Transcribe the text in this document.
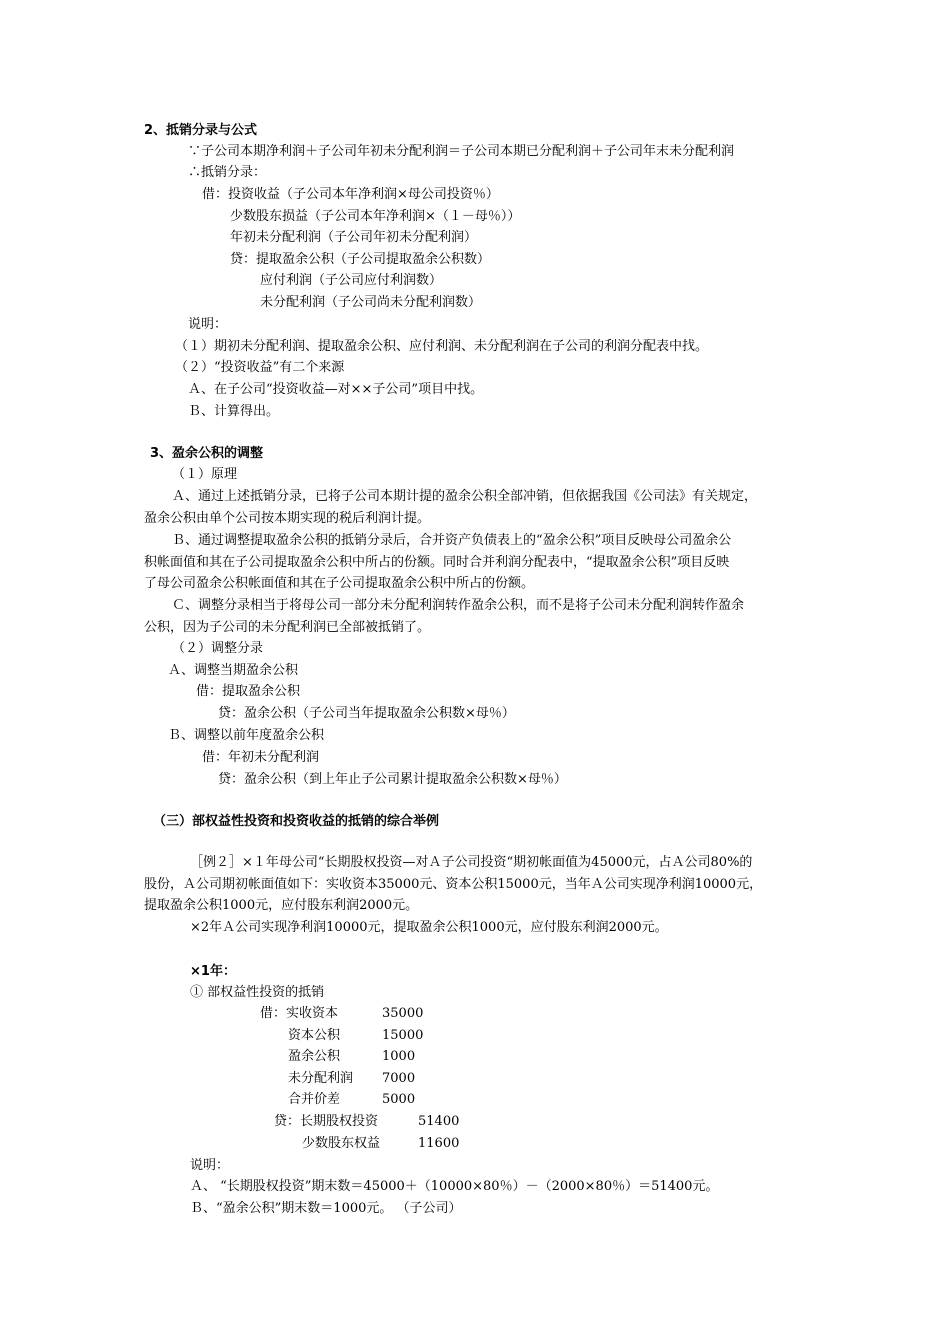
2、抵销分录与公式
∵子公司本期净利润＋子公司年初未分配利润＝子公司本期已分配利润＋子公司年末未分配利润
∴抵销分录：
借：投资收益（子公司本年净利润×母公司投资％）
少数股东损益（子公司本年净利润×（１－母％））
年初未分配利润（子公司年初未分配利润）
贷：提取盈余公积（子公司提取盈余公积数）
应付利润（子公司应付利润数）
未分配利润（子公司尚未分配利润数）
说明：
（１）期初未分配利润、提取盈余公积、应付利润、未分配利润在子公司的利润分配表中找。
（２）“投资收益”有二个来源
Ａ、在子公司“投资收益—对××子公司”项目中找。
Ｂ、计算得出。
3、盈余公积的调整
（１）原理
Ａ、通过上述抵销分录，已将子公司本期计提的盈余公积全部冲销，但依据我国《公司法》有关规定，
盈余公积由单个公司按本期实现的税后利润计提。
Ｂ、通过调整提取盈余公积的抵销分录后，合并资产负债表上的“盈余公积”项目反映母公司盈余公
积帐面值和其在子公司提取盈余公积中所占的份额。同时合并利润分配表中，“提取盈余公积”项目反映
了母公司盈余公积帐面值和其在子公司提取盈余公积中所占的份额。
Ｃ、调整分录相当于将母公司一部分未分配利润转作盈余公积，而不是将子公司未分配利润转作盈余
公积，因为子公司的未分配利润已全部被抵销了。
（２）调整分录
Ａ、调整当期盈余公积
借：提取盈余公积
贷：盈余公积（子公司当年提取盈余公积数×母％）
Ｂ、调整以前年度盈余公积
借：年初未分配利润
贷：盈余公积（到上年止子公司累计提取盈余公积数×母％）
（三）部权益性投资和投资收益的抵销的综合举例
［例２］×１年母公司“长期股权投资—对Ａ子公司投资“期初帐面值为45000元，占Ａ公司80%的
股份，Ａ公司期初帐面值如下：实收资本35000元、资本公积15000元，当年Ａ公司实现净利润10000元，
提取盈余公积1000元，应付股东利润2000元。
×2年Ａ公司实现净利润10000元，提取盈余公积1000元，应付股东利润2000元。
×1年：
① 部权益性投资的抵销
借：实收资本	35000
资本公积	15000
盈余公积	1000
未分配利润 7000
合并价差	5000
贷：长期股权投资	51400
少数股东权益	11600
说明：
Ａ、 “长期股权投资”期末数＝45000＋（10000×80％）－（2000×80％）＝51400元。
Ｂ、“盈余公积”期末数＝1000元。 （子公司）
